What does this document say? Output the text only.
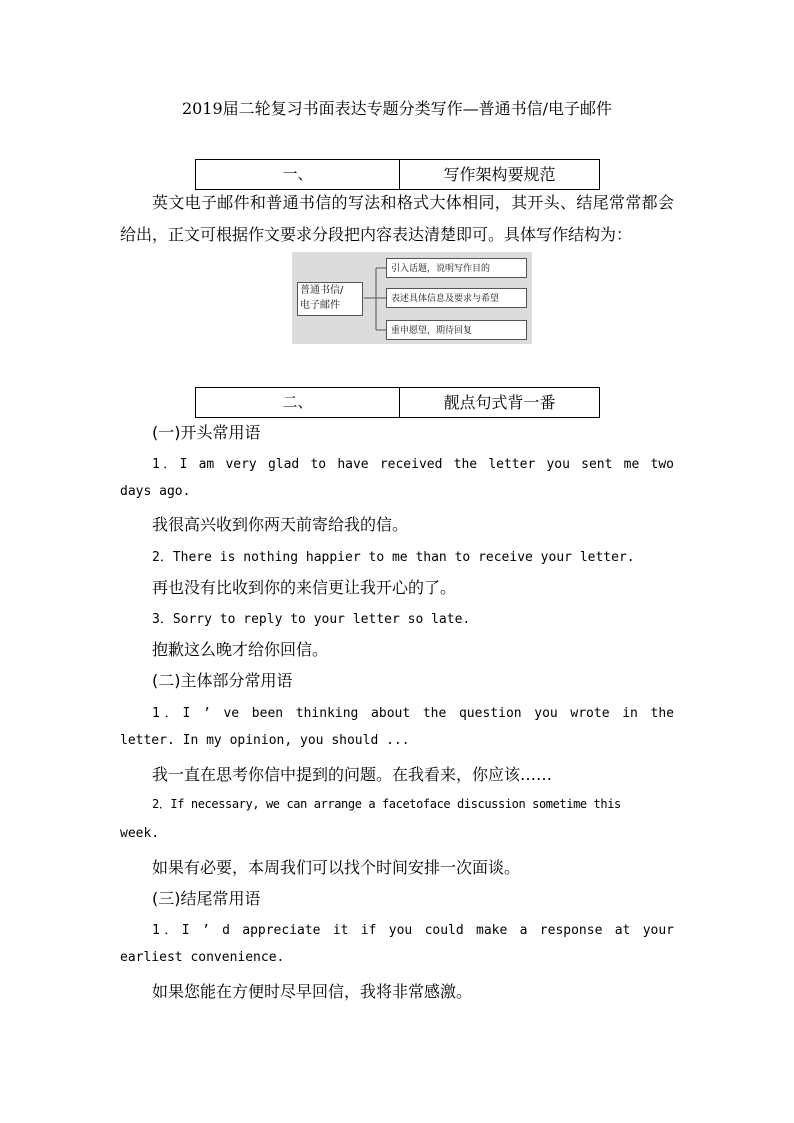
2019届二轮复习书面表达专题分类写作—普通书信/电子邮件
一、	写作架构要规范
英文电子邮件和普通书信的写法和格式大体相同，其开头、结尾常常都会
给出，正文可根据作文要求分段把内容表达清楚即可。具体写作结构为：
普通书信/
电子邮件
引入话题，说明写作目的
表述具体信息及要求与希望
重申愿望，期待回复
二、	靓点句式背一番
(一)开头常用语
1．I am very glad to have received the letter you sent me two
days ago.
我很高兴收到你两天前寄给我的信。
2．There is nothing happier to me than to receive your letter.
再也没有比收到你的来信更让我开心的了。
3．Sorry to reply to your letter so late.
抱歉这么晚才给你回信。
(二)主体部分常用语
1．I ’ ve been thinking about the question you wrote in the
letter. In my opinion, you should ...
我一直在思考你信中提到的问题。在我看来，你应该……
2．If necessary, we can arrange a facetoface discussion sometime this
week.
如果有必要，本周我们可以找个时间安排一次面谈。
(三)结尾常用语
1．I ’ d appreciate it if you could make a response at your
earliest convenience.
如果您能在方便时尽早回信，我将非常感激。
